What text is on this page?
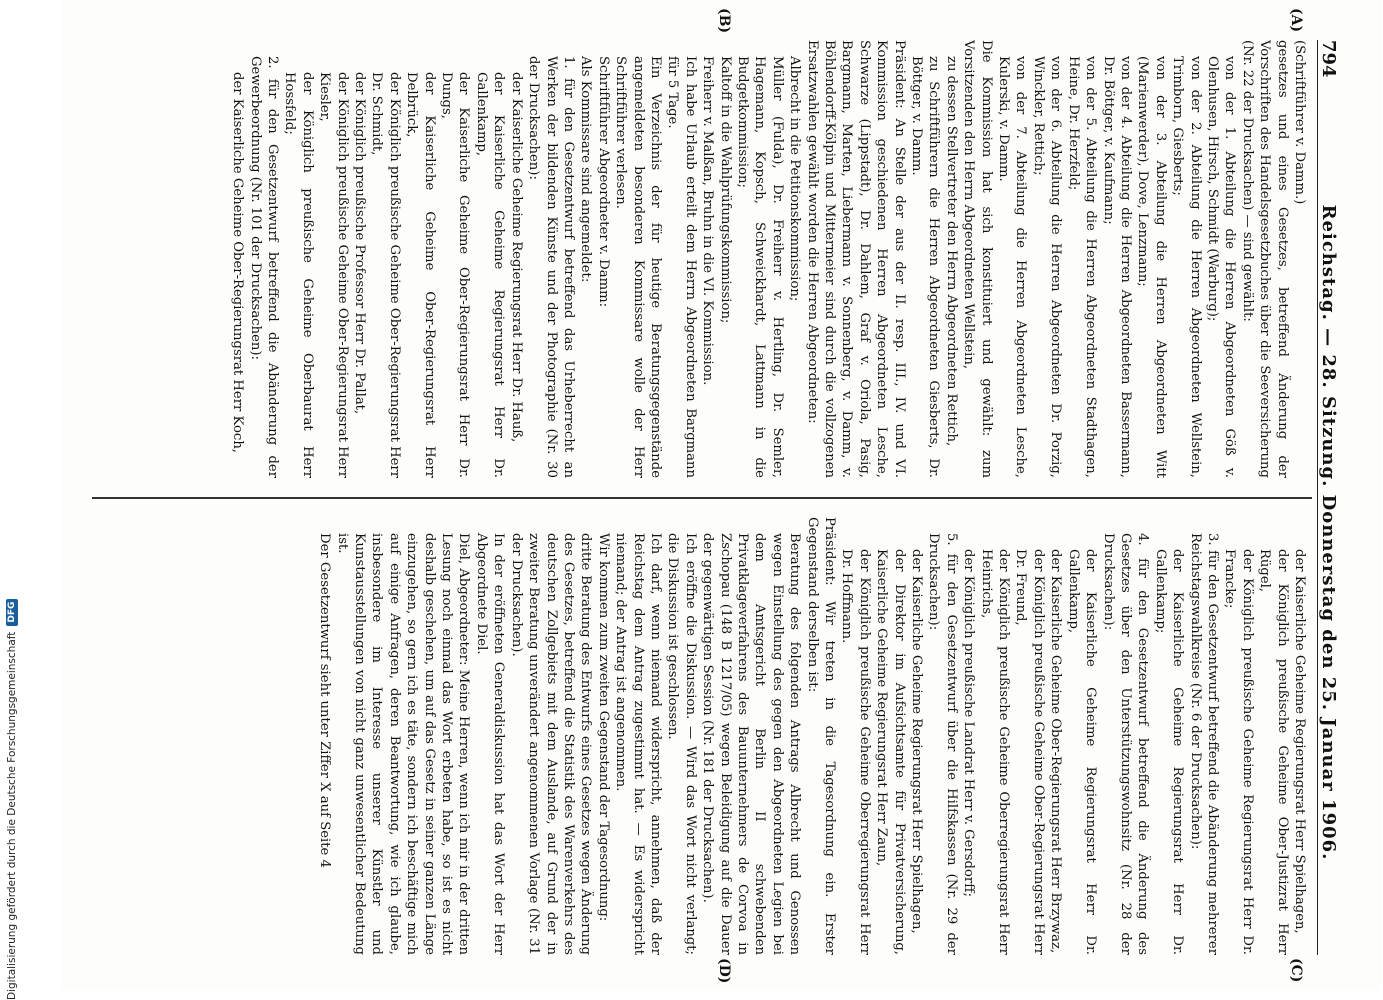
794
Reichstag. — 28. Sitzung. Donnerstag den 25. Januar 1906.
(A)
(B)
(C)
(D)

(Schriftführer v. Damm.)

gesetzes und eines Gesetzes, betreffend Änderung der Vorschriften des Handelsgesetzbuches über die Seeversicherung (Nr. 22 der Drucksachen) — sind gewählt:

von der 1. Abteilung die Herren Abgeordneten Göß v. Olenhusen, Hirsch, Schmidt (Warburg);

von der 2. Abteilung die Herren Abgeordneten Wellstein, Trimborn, Giesberts;

von der 3. Abteilung die Herren Abgeordneten Witt (Marienwerder), Dove, Lenzmann;

von der 4. Abteilung die Herren Abgeordneten Bassermann, Dr. Böttger, v. Kaufmann;

von der 5. Abteilung die Herren Abgeordneten Stadthagen, Heine, Dr. Herzfeld;

von der 6. Abteilung die Herren Abgeordneten Dr. Porzig, Winckler, Rettich;

von der 7. Abteilung die Herren Abgeordneten Lesche, Kulerski, v. Damm.

Die Kommission hat sich konstituiert und gewählt: zum Vorsitzenden den Herrn Abgeordneten Wellstein,

zu dessen Stellvertreter den Herrn Abgeordneten Rettich,

zu Schriftführern die Herren Abgeordneten Giesberts, Dr. Böttger, v. Damm.

Präsident: An Stelle der aus der II. resp. III., IV. und VI. Kommission geschiedenen Herren Abgeordneten Lesche, Schwarze (Lippstadt), Dr. Dahlem, Graf v. Oriola, Pasig, Bargmann, Marten, Liebermann v. Sonnenberg, v. Damm, v. Böhlendorff-Kölpin und Mittermeier sind durch die vollzogenen Ersatzwahlen gewählt worden die Herren Abgeordneten:

Albrecht in die Petitionskommission;

Müller (Fulda), Dr. Freiherr v. Hertling, Dr. Semler, Hagemann, Kopsch, Schweickhardt, Lattmann in die Budgetkommission;

Kaltoff in die Wahlprüfungskommission;

Freiherr v. Malßan, Bruhn in die VI. Kommission.

Ich habe Urlaub erteilt dem Herrn Abgeordneten Bargmann für 5 Tage.

Ein Verzeichnis der für heutige Beratungsgegenstände angemeldeten besonderen Kommissare wolle der Herr Schriftführer verlesen.

Schriftführer Abgeordneter v. Damm:

Als Kommissare sind angemeldet:

1. für den Gesetzentwurf betreffend das Urheberrecht an Werken der bildenden Künste und der Photographie (Nr. 30 der Drucksachen):

der Kaiserliche Geheime Regierungsrat Herr Dr. Hauß,

der Kaiserliche Geheime Regierungsrat Herr Dr. Gallenkamp,

der Kaiserliche Geheime Ober-Regierungsrat Herr Dr. Dungs,

der Kaiserliche Geheime Ober-Regierungsrat Herr Delbrück,

der Königlich preußische Geheime Ober-Regierungsrat Herr Dr. Schmidt,

der Königlich preußische Professor Herr Dr. Pallat,

der Königlich preußische Geheime Ober-Regierungsrat Herr Kiesler,

der Königlich preußische Geheime Oberbaurat Herr Hossfeld;

2. für den Gesetzentwurf betreffend die Abänderung der Gewerbeordnung (Nr. 101 der Drucksachen):

der Kaiserliche Geheime Ober-Regierungsrat Herr Koch,

der Kaiserliche Geheime Regierungsrat Herr Spielhagen,

der Königlich preußische Geheime Ober-Justizrat Herr Rügel,

der Königlich preußische Geheime Regierungsrat Herr Dr. Francke;

3. für den Gesetzentwurf betreffend die Abänderung mehrerer Reichstagswahlkreise (Nr. 6 der Drucksachen):

der Kaiserliche Geheime Regierungsrat Herr Dr. Gallenkamp;

4. für den Gesetzentwurf betreffend die Änderung des Gesetzes über den Unterstützungswohnsitz (Nr. 28 der Drucksachen):

der Kaiserliche Geheime Regierungsrat Herr Dr. Gallenkamp,

der Kaiserliche Geheime Ober-Regierungsrat Herr Brzywaz,

der Königlich preußische Geheime Ober-Regierungsrat Herr Dr. Freund,

der Königlich preußische Geheime Oberregierungsrat Herr Heinrichs,

der Königlich preußische Landrat Herr v. Gersdorff;

5. für den Gesetzentwurf über die Hilfskassen (Nr. 29 der Drucksachen):

der Kaiserliche Geheime Regierungsrat Herr Spielhagen,

der Direktor im Aufsichtsamte für Privatversicherung, Kaiserliche Geheime Regierungsrat Herr Zaun,

der Königlich preußische Geheime Oberregierungsrat Herr Dr. Hoffmann.

Präsident: Wir treten in die Tagesordnung ein. Erster Gegenstand derselben ist:

Beratung des folgenden Antrags Albrecht und Genossen wegen Einstellung des gegen den Abgeordneten Legien bei dem Amtsgericht Berlin II schwebenden Privatklageverfahrens des Bauunternehmers de Corvoa in Zschopau (148 B 1217/05) wegen Beleidigung auf die Dauer der gegenwärtigen Session (Nr. 181 der Drucksachen).

Ich eröffne die Diskussion. — Wird das Wort nicht verlangt; die Diskussion ist geschlossen.

Ich darf, wenn niemand widerspricht, annehmen, daß der Reichstag dem Antrag zugestimmt hat. — Es widerspricht niemand; der Antrag ist angenommen.

Wir kommen zum zweiten Gegenstand der Tagesordnung:

dritte Beratung des Entwurfs eines Gesetzes wegen Änderung des Gesetzes, betreffend die Statistik des Warenverkehrs des deutschen Zollgebiets mit dem Auslande, auf Grund der in zweiter Beratung unverändert angenommenen Vorlage (Nr. 31 der Drucksachen).

In der eröffneten Generaldiskussion hat das Wort der Herr Abgeordnete Diel.

Diel, Abgeordneter: Meine Herren, wenn ich mir in der dritten Lesung noch einmal das Wort erbeten habe, so ist es nicht deshalb geschehen, um auf das Gesetz in seiner ganzen Länge einzugehen, so gern ich es täte, sondern ich beschäftige mich auf einige Anfragen, deren Beantwortung, wie ich glaube, insbesondere im Interesse unserer Künstler und Kunstausstellungen von nicht ganz unwesentlicher Bedeutung ist.

Der Gesetzentwurf sieht unter Ziffer X auf Seite 4

Digitalisierung gefördert durch die Deutsche Forschungsgemeinschaft
DFG
